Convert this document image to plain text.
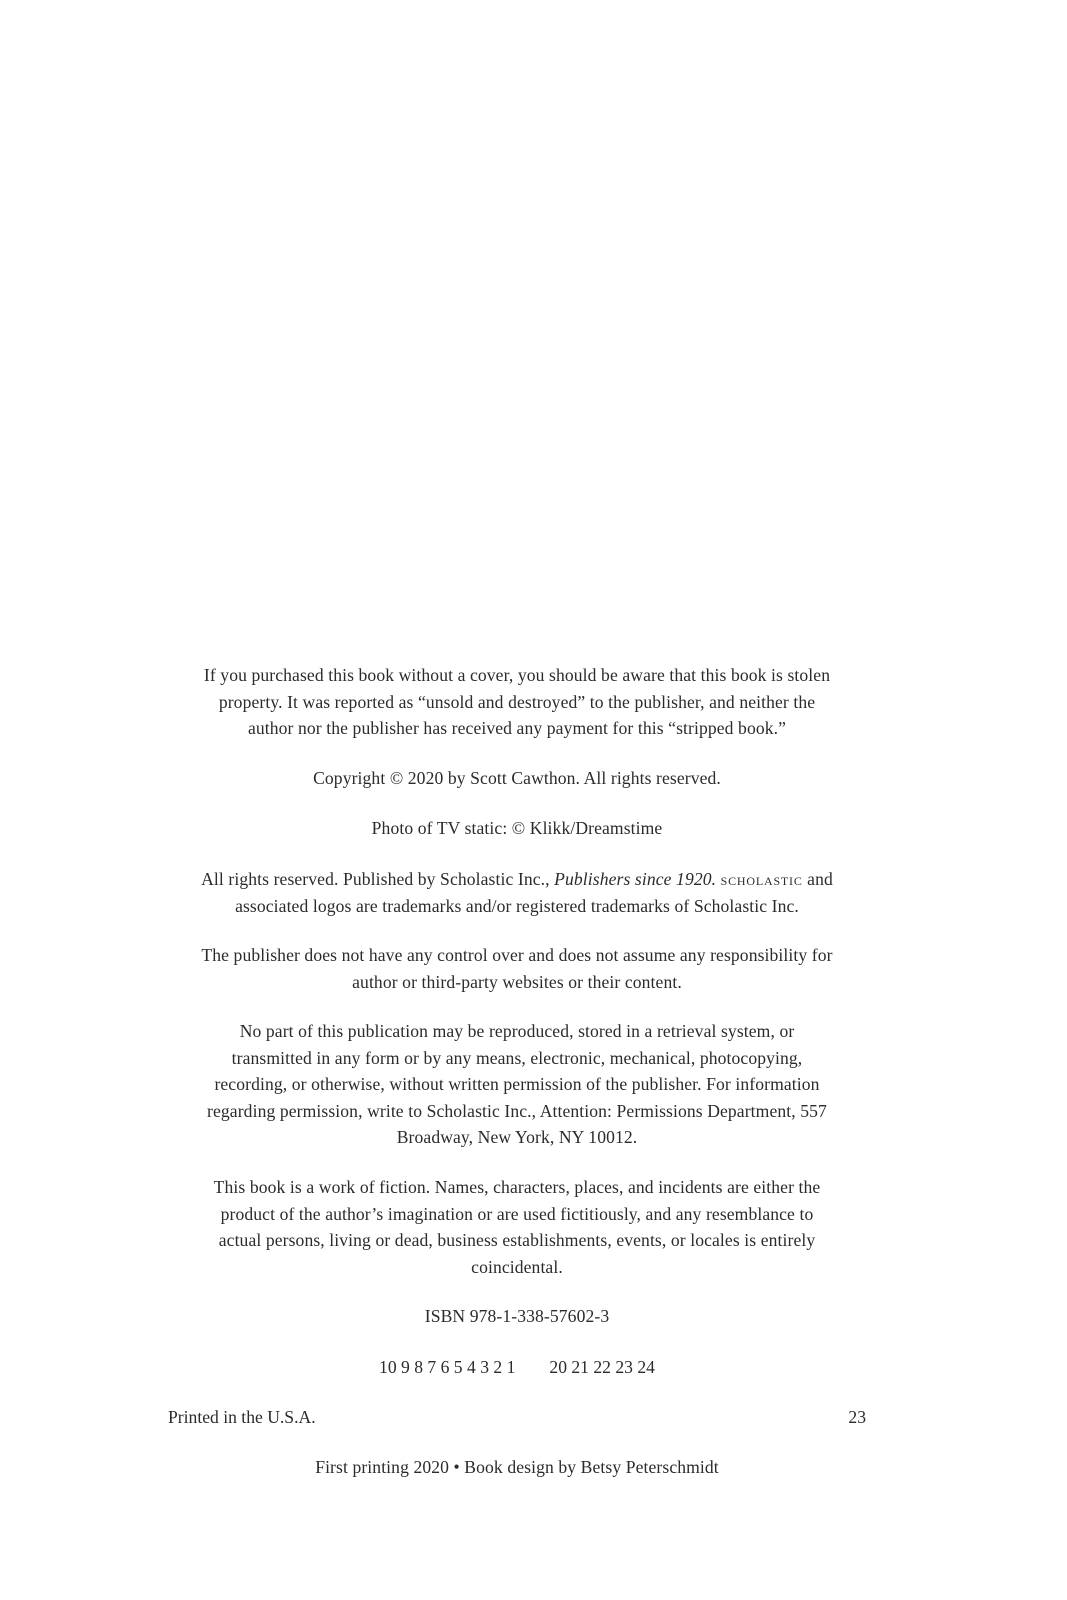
If you purchased this book without a cover, you should be aware that this book is stolen
property. It was reported as “unsold and destroyed” to the publisher, and neither the
author nor the publisher has received any payment for this “stripped book.”
Copyright © 2020 by Scott Cawthon. All rights reserved.
Photo of TV static: © Klikk/Dreamstime
All rights reserved. Published by Scholastic Inc., Publishers since 1920. scholastic and
associated logos are trademarks and/or registered trademarks of Scholastic Inc.
The publisher does not have any control over and does not assume any responsibility for
author or third-party websites or their content.
No part of this publication may be reproduced, stored in a retrieval system, or
transmitted in any form or by any means, electronic, mechanical, photocopying,
recording, or otherwise, without written permission of the publisher. For information
regarding permission, write to Scholastic Inc., Attention: Permissions Department, 557
Broadway, New York, NY 10012.
This book is a work of fiction. Names, characters, places, and incidents are either the
product of the author’s imagination or are used fictitiously, and any resemblance to
actual persons, living or dead, business establishments, events, or locales is entirely
coincidental.
ISBN 978-1-338-57602-3
10 9 8 7 6 5 4 3 2 1 20 21 22 23 24
Printed in the U.S.A.	23
First printing 2020 • Book design by Betsy Peterschmidt
